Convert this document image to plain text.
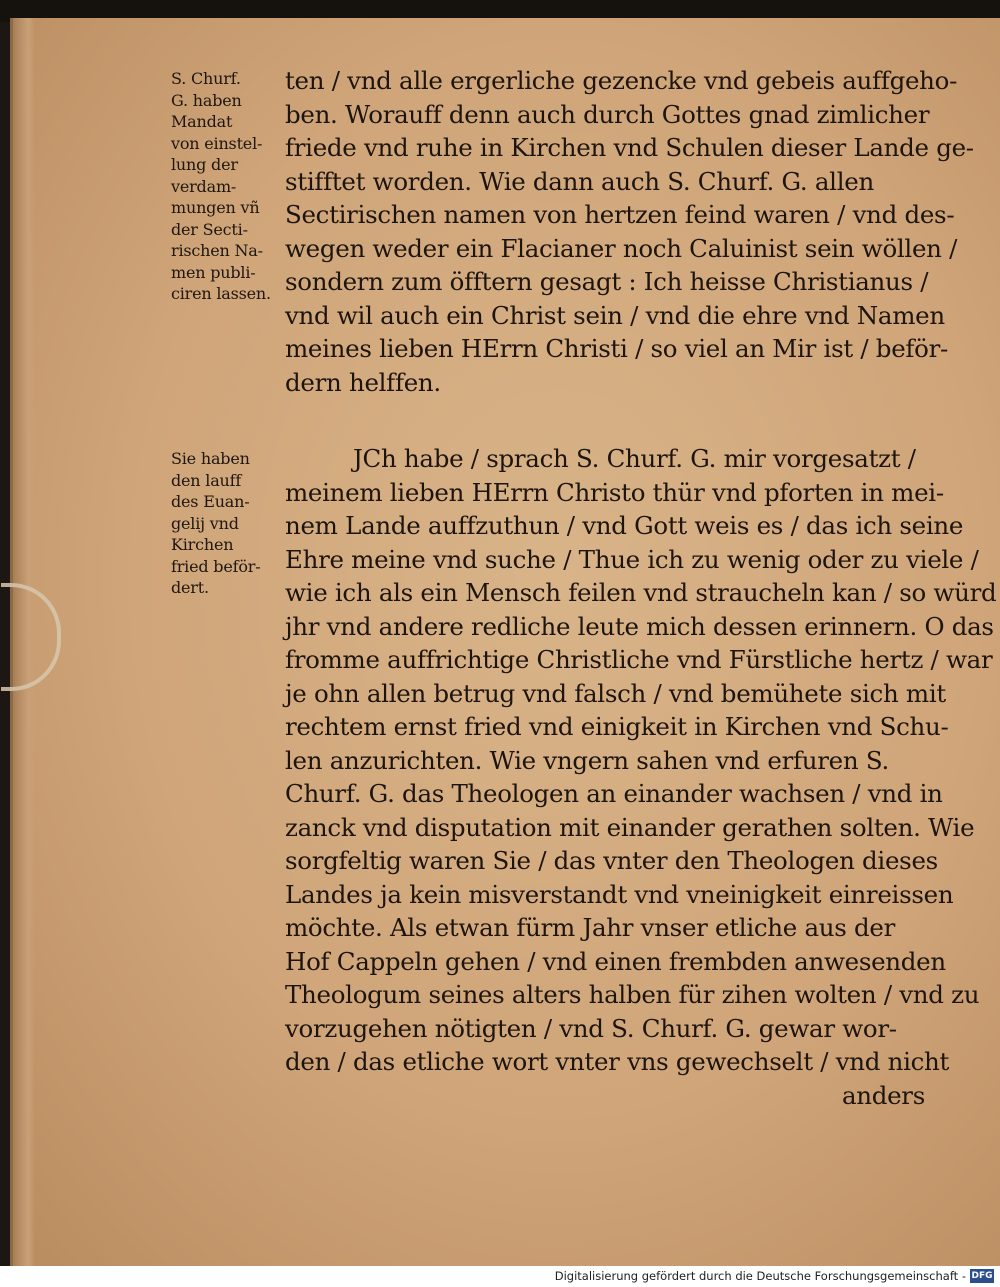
S. Churf.
G. haben
Mandat
von einstel-
lung der
verdam-
mungen vñ
der Secti-
rischen Na-
men publi-
ciren lassen.
Sie haben
den lauff
des Euan-
gelij vnd
Kirchen
fried beför-
dert.
ten / vnd alle ergerliche gezencke vnd gebeis auffgeho-
ben. Worauff denn auch durch Gottes gnad zimlicher
friede vnd ruhe in Kirchen vnd Schulen dieser Lande ge-
stifftet worden. Wie dann auch S. Churf. G. allen
Sectirischen namen von hertzen feind waren / vnd des-
wegen weder ein Flacianer noch Caluinist sein wöllen /
sondern zum öfftern gesagt : Ich heisse Christianus /
vnd wil auch ein Christ sein / vnd die ehre vnd Namen
meines lieben HErrn Christi / so viel an Mir ist / beför-
dern helffen.
JCh habe / sprach S. Churf. G. mir vorgesatzt /
meinem lieben HErrn Christo thür vnd pforten in mei-
nem Lande auffzuthun / vnd Gott weis es / das ich seine
Ehre meine vnd suche / Thue ich zu wenig oder zu viele /
wie ich als ein Mensch feilen vnd straucheln kan / so würd
jhr vnd andere redliche leute mich dessen erinnern. O das
fromme auffrichtige Christliche vnd Fürstliche hertz / war
je ohn allen betrug vnd falsch / vnd bemühete sich mit
rechtem ernst fried vnd einigkeit in Kirchen vnd Schu-
len anzurichten. Wie vngern sahen vnd erfuren S.
Churf. G. das Theologen an einander wachsen / vnd in
zanck vnd disputation mit einander gerathen solten. Wie
sorgfeltig waren Sie / das vnter den Theologen dieses
Landes ja kein misverstandt vnd vneinigkeit einreissen
möchte. Als etwan fürm Jahr vnser etliche aus der
Hof Cappeln gehen / vnd einen frembden anwesenden
Theologum seines alters halben für zihen wolten / vnd zu
vorzugehen nötigten / vnd S. Churf. G. gewar wor-
den / das etliche wort vnter vns gewechselt / vnd nicht
anders
Digitalisierung gefördert durch die Deutsche Forschungsgemeinschaft - DFG
